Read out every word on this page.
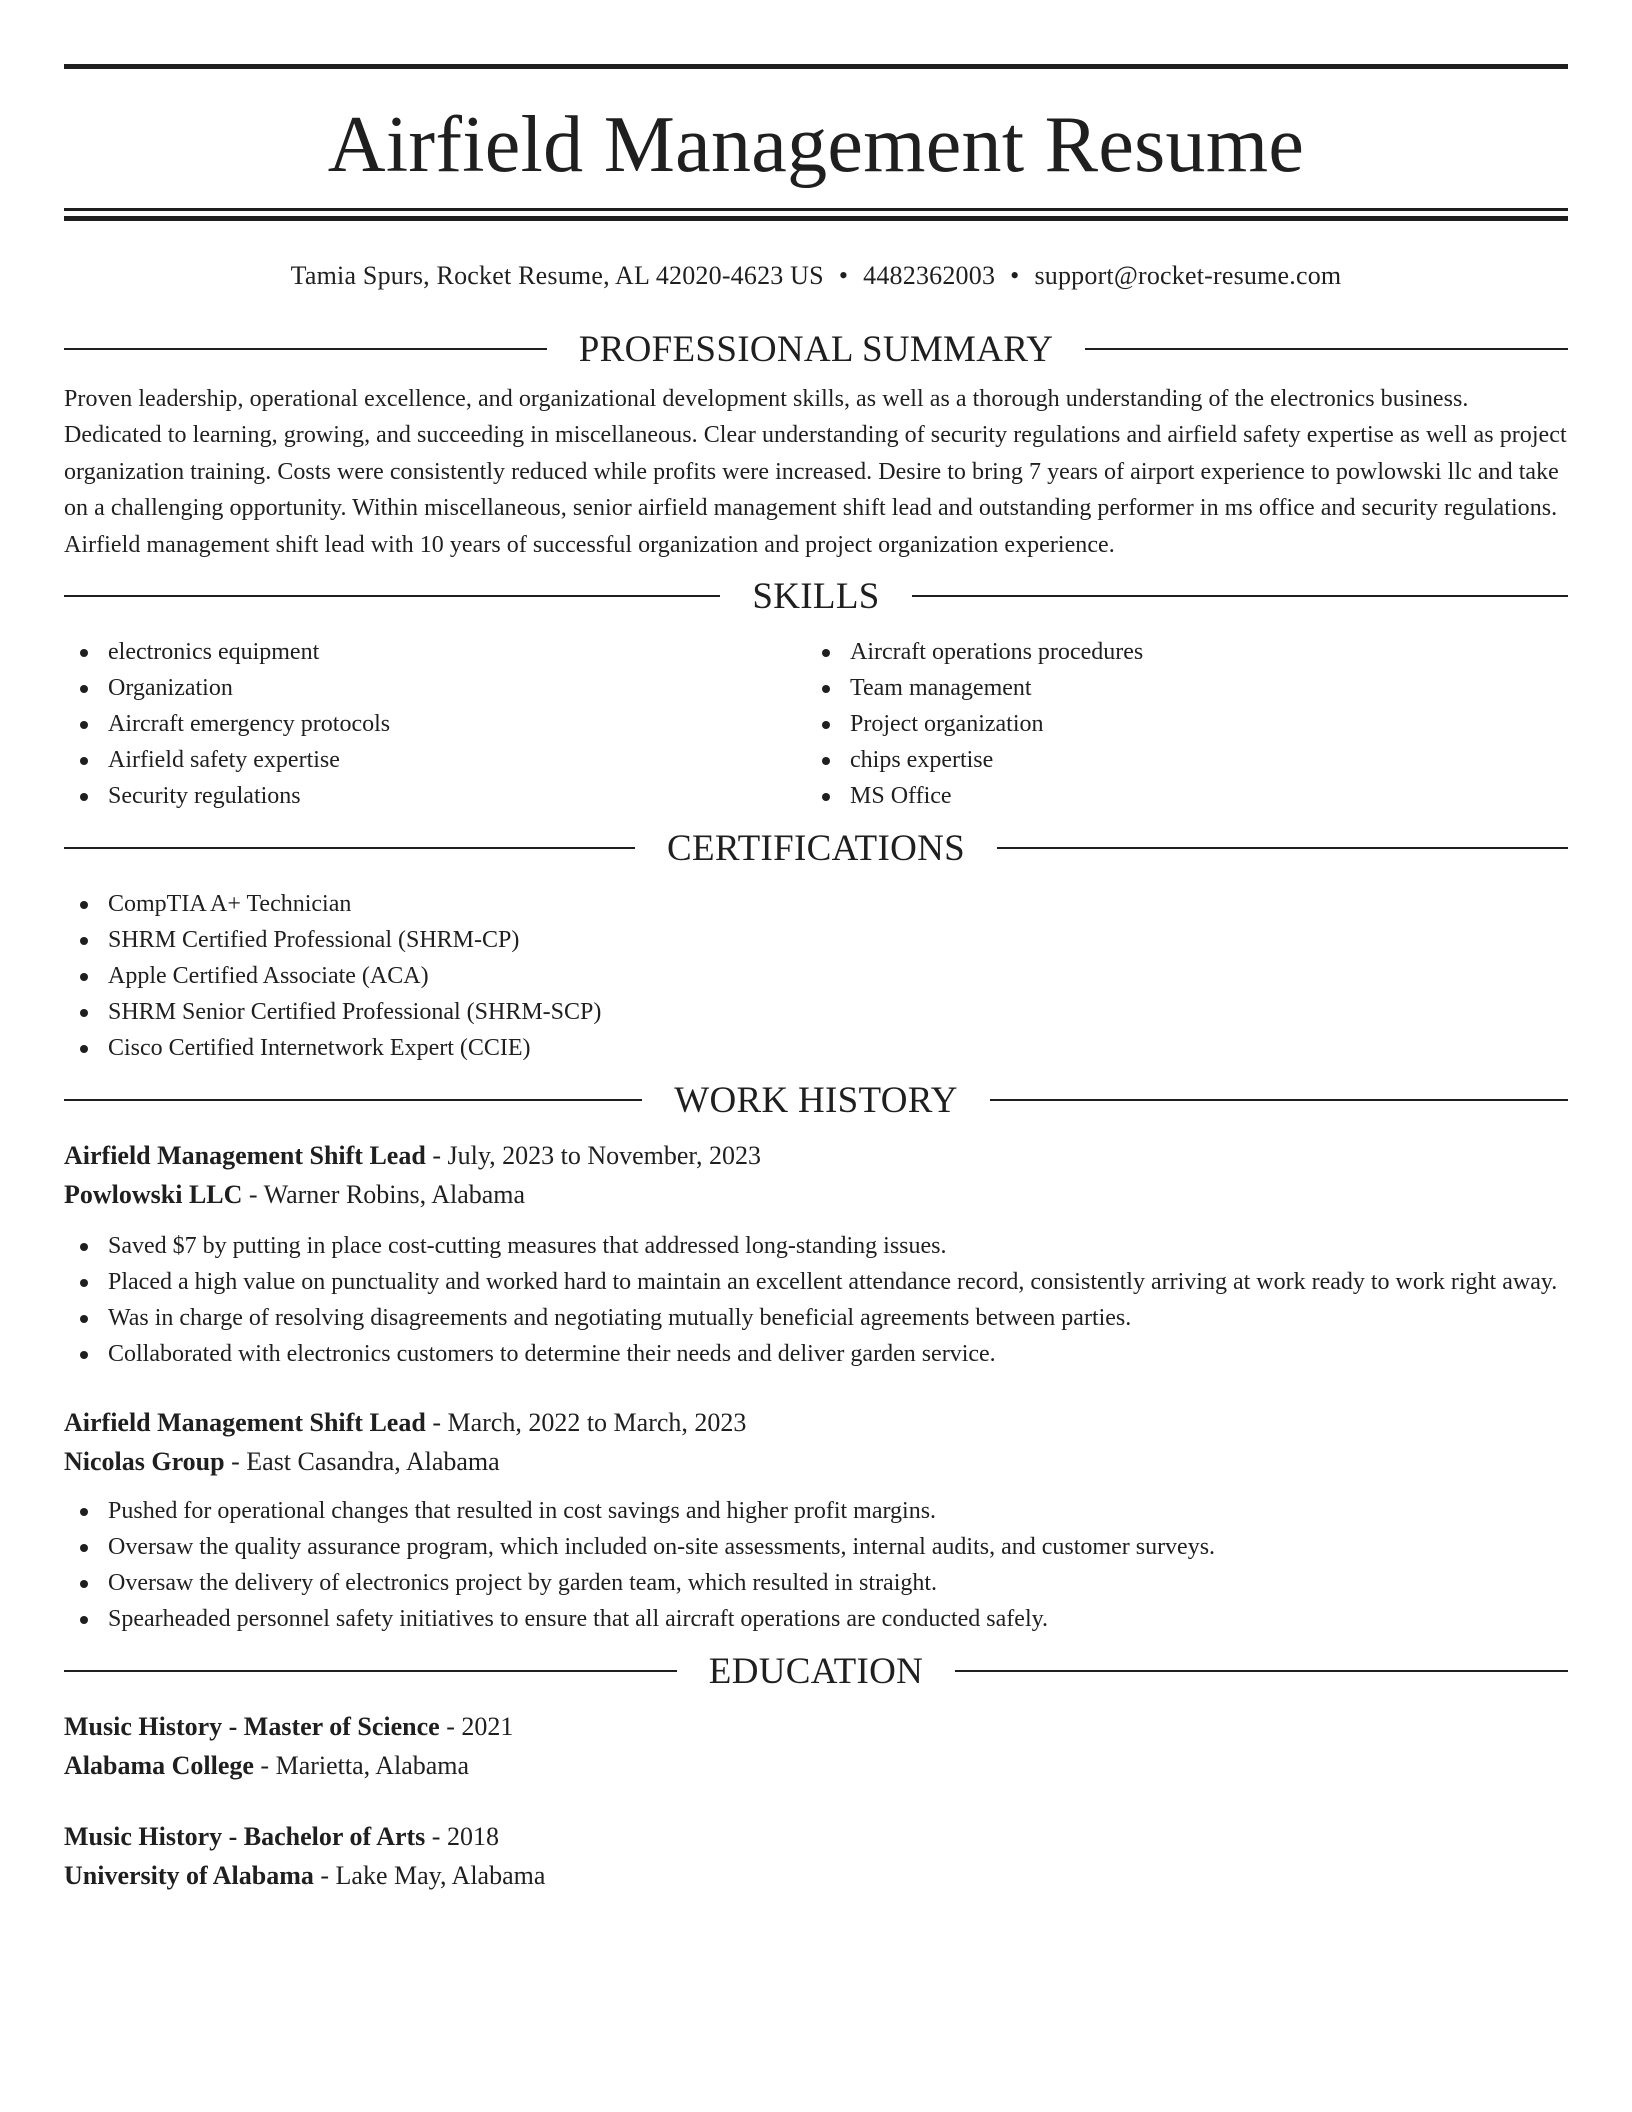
Airfield Management Resume
Tamia Spurs, Rocket Resume, AL 42020-4623 US • 4482362003 • support@rocket-resume.com
PROFESSIONAL SUMMARY

Proven leadership, operational excellence, and organizational development skills, as well as a thorough understanding of the electronics business. Dedicated to learning, growing, and succeeding in miscellaneous. Clear understanding of security regulations and airfield safety expertise as well as project organization training. Costs were consistently reduced while profits were increased. Desire to bring 7 years of airport experience to powlowski llc and take on a challenging opportunity. Within miscellaneous, senior airfield management shift lead and outstanding performer in ms office and security regulations. Airfield management shift lead with 10 years of successful organization and project organization experience.

SKILLS
electronics equipment
Organization
Aircraft emergency protocols
Airfield safety expertise
Security regulations
Aircraft operations procedures
Team management
Project organization
chips expertise
MS Office
CERTIFICATIONS
CompTIA A+ Technician
SHRM Certified Professional (SHRM-CP)
Apple Certified Associate (ACA)
SHRM Senior Certified Professional (SHRM-SCP)
Cisco Certified Internetwork Expert (CCIE)
WORK HISTORY
Airfield Management Shift Lead - July, 2023 to November, 2023
Powlowski LLC - Warner Robins, Alabama
Saved $7 by putting in place cost-cutting measures that addressed long-standing issues.
Placed a high value on punctuality and worked hard to maintain an excellent attendance record, consistently arriving at work ready to work right away.
Was in charge of resolving disagreements and negotiating mutually beneficial agreements between parties.
Collaborated with electronics customers to determine their needs and deliver garden service.
Airfield Management Shift Lead - March, 2022 to March, 2023
Nicolas Group - East Casandra, Alabama
Pushed for operational changes that resulted in cost savings and higher profit margins.
Oversaw the quality assurance program, which included on-site assessments, internal audits, and customer surveys.
Oversaw the delivery of electronics project by garden team, which resulted in straight.
Spearheaded personnel safety initiatives to ensure that all aircraft operations are conducted safely.
EDUCATION
Music History - Master of Science - 2021
Alabama College - Marietta, Alabama
Music History - Bachelor of Arts - 2018
University of Alabama - Lake May, Alabama
